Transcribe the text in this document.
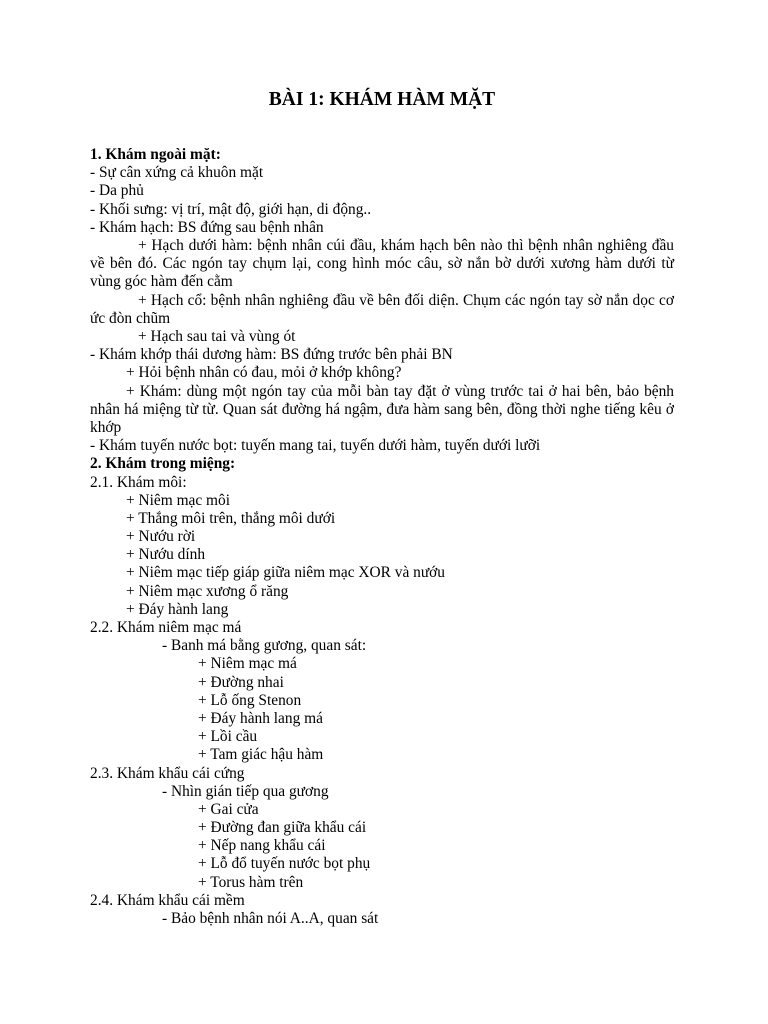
BÀI 1: KHÁM HÀM MẶT
1. Khám ngoài mặt:
- Sự cân xứng cả khuôn mặt
- Da phủ
- Khối sưng: vị trí, mật độ, giới hạn, di động..
- Khám hạch: BS đứng sau bệnh nhân
+ Hạch dưới hàm: bệnh nhân cúi đầu, khám hạch bên nào thì bệnh nhân nghiêng đầu về bên đó. Các ngón tay chụm lại, cong hình móc câu, sờ nắn bờ dưới xương hàm dưới từ vùng góc hàm đến cằm
+ Hạch cổ: bệnh nhân nghiêng đầu về bên đối diện. Chụm các ngón tay sờ nắn dọc cơ ức đòn chũm
+ Hạch sau tai và vùng ót
- Khám khớp thái dương hàm: BS đứng trước bên phải BN
+ Hỏi bệnh nhân có đau, mỏi ở khớp không?
+ Khám: dùng một ngón tay của mỗi bàn tay đặt ở vùng trước tai ở hai bên, bảo bệnh nhân há miệng từ từ. Quan sát đường há ngậm, đưa hàm sang bên, đồng thời nghe tiếng kêu ở khớp
- Khám tuyến nước bọt: tuyến mang tai, tuyến dưới hàm, tuyến dưới lưỡi
2. Khám trong miệng:
2.1. Khám môi:
+ Niêm mạc môi
+ Thắng môi trên, thắng môi dưới
+ Nướu rời
+ Nướu dính
+ Niêm mạc tiếp giáp giữa niêm mạc XOR và nướu
+ Niêm mạc xương ổ răng
+ Đáy hành lang
2.2. Khám niêm mạc má
- Banh má bằng gương, quan sát:
+ Niêm mạc má
+ Đường nhai
+ Lỗ ống Stenon
+ Đáy hành lang má
+ Lồi cầu
+ Tam giác hậu hàm
2.3. Khám khẩu cái cứng
- Nhìn gián tiếp qua gương
+ Gai cửa
+ Đường đan giữa khẩu cái
+ Nếp nang khẩu cái
+ Lỗ đổ tuyến nước bọt phụ
+ Torus hàm trên
2.4. Khám khẩu cái mềm
- Bảo bệnh nhân nói A..A, quan sát
